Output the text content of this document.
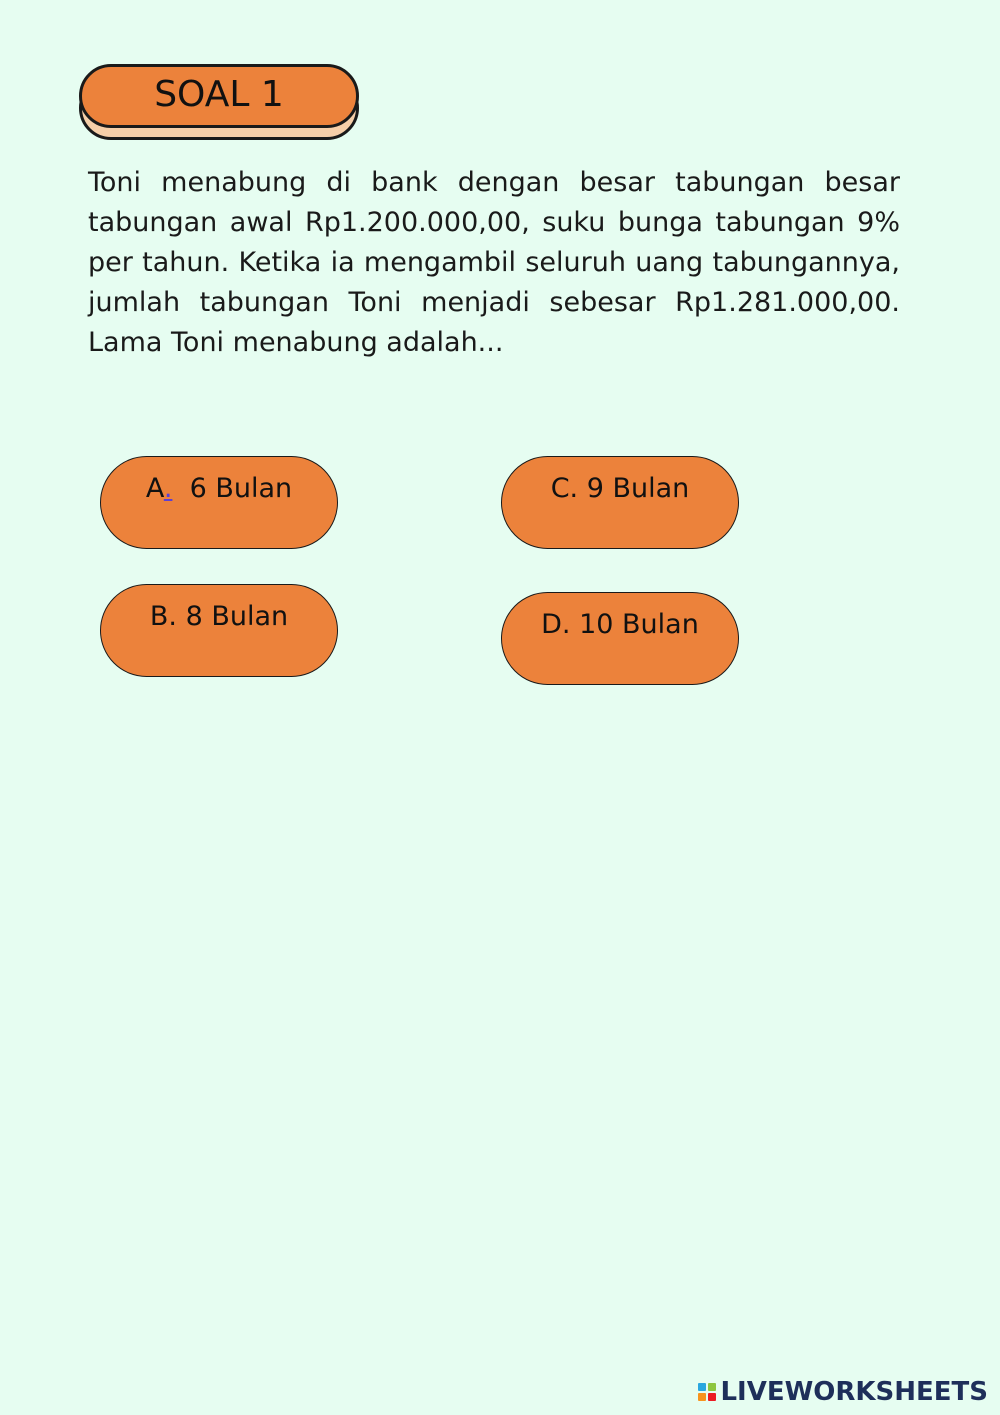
SOAL 1

Toni menabung di bank dengan besar tabungan besar tabungan awal Rp1.200.000,00, suku bunga tabungan 9% per tahun. Ketika ia mengambil seluruh uang tabungannya, jumlah tabungan Toni menjadi sebesar Rp1.281.000,00. Lama Toni menabung adalah...

A. 6 Bulan
B. 8 Bulan
C. 9 Bulan
D. 10 Bulan
LIVEWORKSHEETS
